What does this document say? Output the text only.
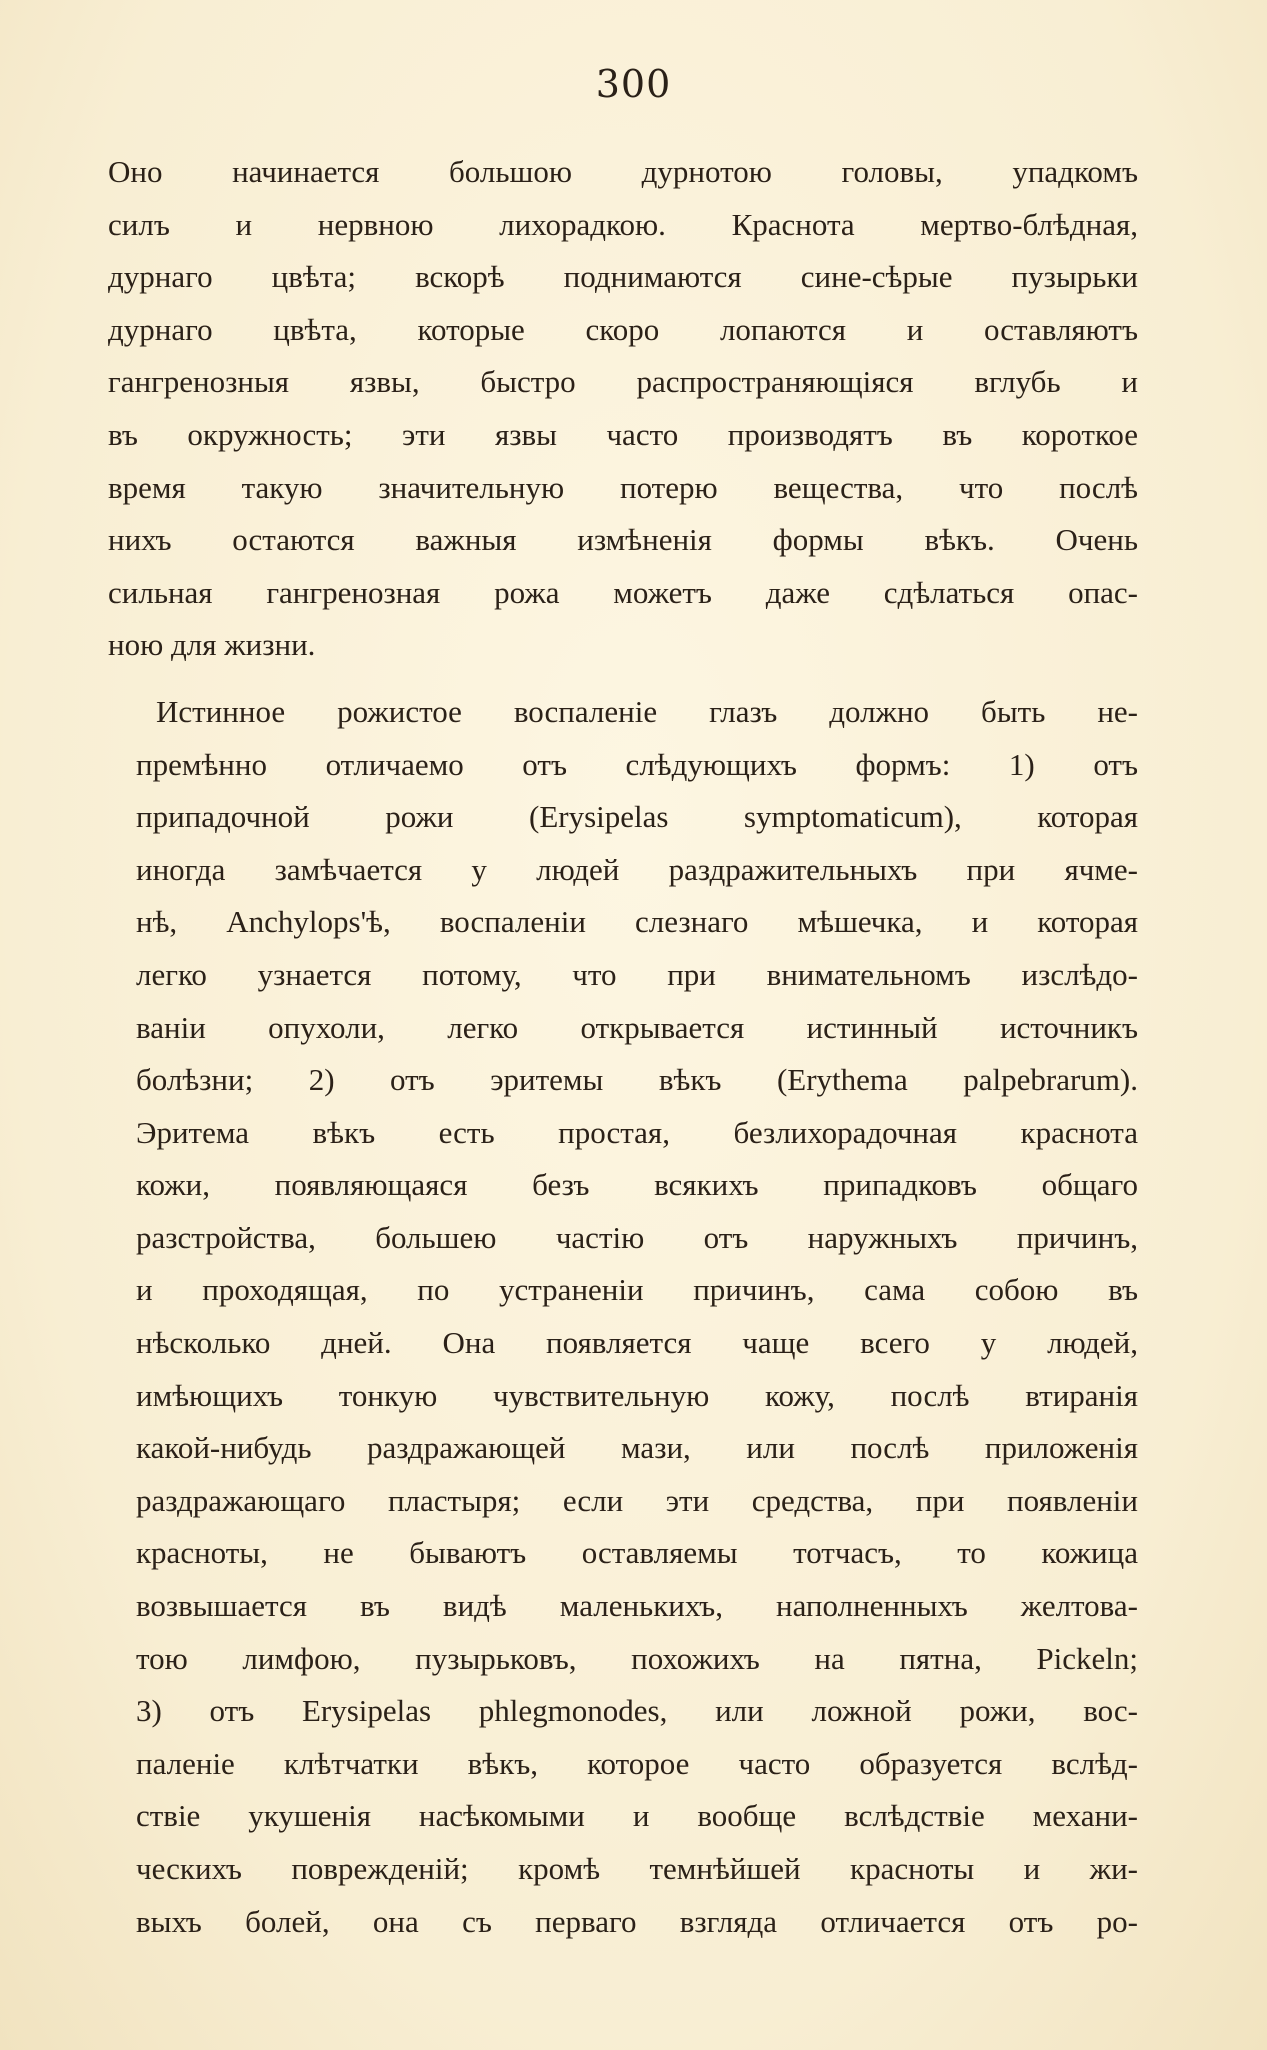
300
Оно начинается большою дурнотою головы, упадкомъ
силъ и нервною лихорадкою. Краснота мертво-блѣдная,
дурнаго цвѣта; вскорѣ поднимаются сине-сѣрые пузырьки
дурнаго цвѣта, которые скоро лопаются и оставляютъ
гангренозныя язвы, быстро распространяющіяся вглубь и
въ окружность; эти язвы часто производятъ въ короткое
время такую значительную потерю вещества, что послѣ
нихъ остаются важныя измѣненія формы вѣкъ. Очень
сильная гангренозная рожа можетъ даже сдѣлаться опас-
ною для жизни.
Истинное рожистое воспаленіе глазъ должно быть не-
премѣнно отличаемо отъ слѣдующихъ формъ: 1) отъ
припадочной рожи (Erysipelas symptomaticum), которая
иногда замѣчается у людей раздражительныхъ при ячме-
нѣ, Anchylops'ѣ, воспаленіи слезнаго мѣшечка, и которая
легко узнается потому, что при внимательномъ изслѣдо-
ваніи опухоли, легко открывается истинный источникъ
болѣзни; 2) отъ эритемы вѣкъ (Erythema palpebrarum).
Эритема вѣкъ есть простая, безлихорадочная краснота
кожи, появляющаяся безъ всякихъ припадковъ общаго
разстройства, большею частію отъ наружныхъ причинъ,
и проходящая, по устраненіи причинъ, сама собою въ
нѣсколько дней. Она появляется чаще всего у людей,
имѣющихъ тонкую чувствительную кожу, послѣ втиранія
какой-нибудь раздражающей мази, или послѣ приложенія
раздражающаго пластыря; если эти средства, при появленіи
красноты, не бываютъ оставляемы тотчасъ, то кожица
возвышается въ видѣ маленькихъ, наполненныхъ желтова-
тою лимфою, пузырьковъ, похожихъ на пятна, Pickeln;
3) отъ Erysipelas phlegmonodes, или ложной рожи, вос-
паленіе клѣтчатки вѣкъ, которое часто образуется вслѣд-
ствіе укушенія насѣкомыми и вообще вслѣдствіе механи-
ческихъ поврежденій; кромѣ темнѣйшей красноты и жи-
выхъ болей, она съ перваго взгляда отличается отъ ро-
